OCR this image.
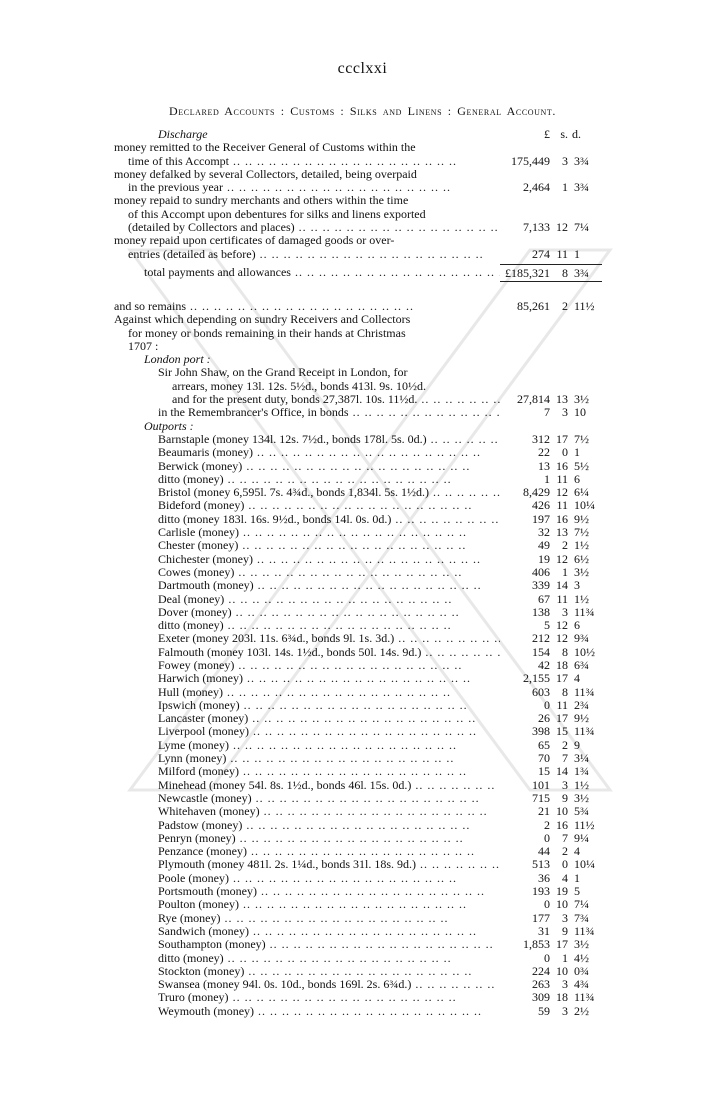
ccclxxi
Declared Accounts : Customs : Silks and Linens : General Account.
Discharge	£ s. d.
money remitted to the Receiver General of Customs within the
time of this Accompt .. .	175,449	3 3¾
money defalked by several Collectors, detailed, being overpaid
in the previous year .. .	2,464	1 3¾
money repaid to sundry merchants and others within the time
of this Accompt upon debentures for silks and linens exported
(detailed by Collectors and places) .. .	7,133 12 7¼
money repaid upon certificates of damaged goods or over-
entries (detailed as before) .. .	274 11 1
total payments and allowances .. .	£185,321	8 3¾
and so remains .. .	85,261	2 11½
Against which depending on sundry Receivers and Collectors
for money or bonds remaining in their hands at Christmas
1707 :
London port :
Sir John Shaw, on the Grand Receipt in London, for
arrears, money 13l. 12s. 5½d., bonds 413l. 9s. 10½d.
and for the present duty, bonds 27,387l. 10s. 11½d. .. .	27,814 13 3½
in the Remembrancer's Office, in bonds .. .	7	3 10
Outports :
Barnstaple (money 134l. 12s. 7½d., bonds 178l. 5s. 0d.) .. .	312 17 7½
Beaumaris (money) .. .	22	0 1
Berwick (money) .. .	13 16 5½
ditto (money) .. .	1 11 6
Bristol (money 6,595l. 7s. 4¾d., bonds 1,834l. 5s. 1½d.) .. .	8,429 12 6¼
Bideford (money) .. .	426 11 10¼
ditto (money 183l. 16s. 9½d., bonds 14l. 0s. 0d.) .. .	197 16 9½
Carlisle (money) .. .	32 13 7½
Chester (money) .. .	49	2 1½
Chichester (money) .. .	19 12 6½
Cowes (money) .. .	406	1 3½
Dartmouth (money) .. .	339 14 3
Deal (money) .. .	67 11 1½
Dover (money) .. .	138	3 11¾
ditto (money) .. .	5 12 6
Exeter (money 203l. 11s. 6¾d., bonds 9l. 1s. 3d.) .. .	212 12 9¾
Falmouth (money 103l. 14s. 1½d., bonds 50l. 14s. 9d.) .. .	154	8 10½
Fowey (money) .. .	42 18 6¾
Harwich (money) .. .	2,155 17 4
Hull (money) .. .	603	8 11¾
Ipswich (money) .. .	0 11 2¾
Lancaster (money) .. .	26 17 9½
Liverpool (money) .. .	398 15 11¾
Lyme (money) .. .	65	2 9
Lynn (money) .. .	70	7 3¼
Milford (money) .. .	15 14 1¾
Minehead (money 54l. 8s. 1½d., bonds 46l. 15s. 0d.) .. .	101	3 1½
Newcastle (money) .. .	715	9 3½
Whitehaven (money) .. .	21 10 5¾
Padstow (money) .. .	2 16 11½
Penryn (money) .. .	0	7 9¼
Penzance (money) .. .	44	2 4
Plymouth (money 481l. 2s. 1¼d., bonds 31l. 18s. 9d.) .. .	513	0 10¼
Poole (money) .. .	36	4 1
Portsmouth (money) .. .	193 19 5
Poulton (money) .. .	0 10 7¼
Rye (money) .. .	177	3 7¾
Sandwich (money) .. .	31	9 11¾
Southampton (money) .. .	1,853 17 3½
ditto (money) .. .	0	1 4½
Stockton (money) .. .	224 10 0¾
Swansea (money 94l. 0s. 10d., bonds 169l. 2s. 6¾d.) .. .	263	3 4¾
Truro (money) .. .	309 18 11¾
Weymouth (money) .. .	59	3 2½
